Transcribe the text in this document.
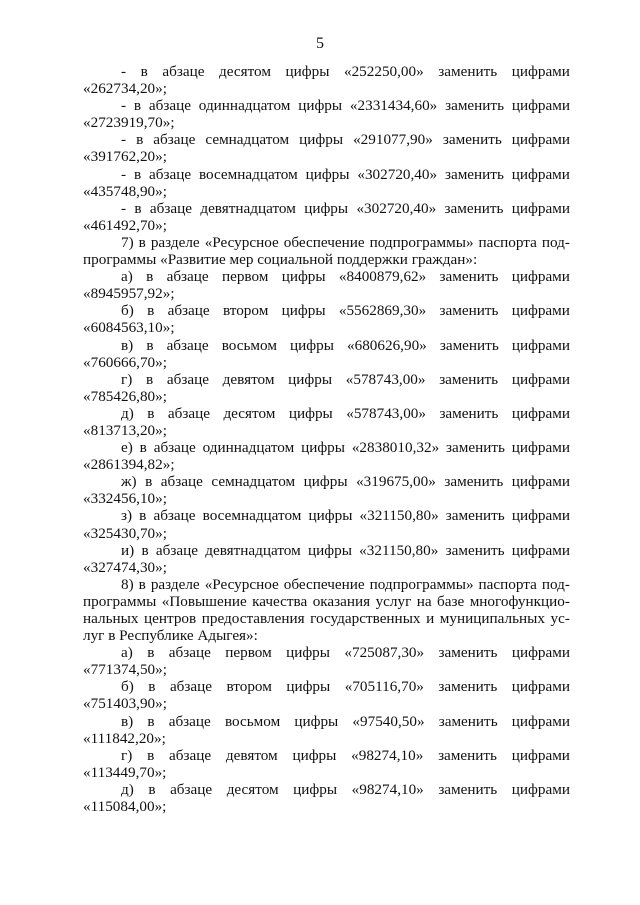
5
- в абзаце десятом цифры «252250,00» заменить цифрами
«262734,20»;
- в абзаце одиннадцатом цифры «2331434,60» заменить цифрами
«2723919,70»;
- в абзаце семнадцатом цифры «291077,90» заменить цифрами
«391762,20»;
- в абзаце восемнадцатом цифры «302720,40» заменить цифрами
«435748,90»;
- в абзаце девятнадцатом цифры «302720,40» заменить цифрами
«461492,70»;
7) в разделе «Ресурсное обеспечение подпрограммы» паспорта под-
программы «Развитие мер социальной поддержки граждан»:
а) в абзаце первом цифры «8400879,62» заменить цифрами
«8945957,92»;
б) в абзаце втором цифры «5562869,30» заменить цифрами
«6084563,10»;
в) в абзаце восьмом цифры «680626,90» заменить цифрами
«760666,70»;
г) в абзаце девятом цифры «578743,00» заменить цифрами
«785426,80»;
д) в абзаце десятом цифры «578743,00» заменить цифрами
«813713,20»;
е) в абзаце одиннадцатом цифры «2838010,32» заменить цифрами
«2861394,82»;
ж) в абзаце семнадцатом цифры «319675,00» заменить цифрами
«332456,10»;
з) в абзаце восемнадцатом цифры «321150,80» заменить цифрами
«325430,70»;
и) в абзаце девятнадцатом цифры «321150,80» заменить цифрами
«327474,30»;
8) в разделе «Ресурсное обеспечение подпрограммы» паспорта под-
программы «Повышение качества оказания услуг на базе многофункцио-
нальных центров предоставления государственных и муниципальных ус-
луг в Республике Адыгея»:
а) в абзаце первом цифры «725087,30» заменить цифрами
«771374,50»;
б) в абзаце втором цифры «705116,70» заменить цифрами
«751403,90»;
в) в абзаце восьмом цифры «97540,50» заменить цифрами
«111842,20»;
г) в абзаце девятом цифры «98274,10» заменить цифрами
«113449,70»;
д) в абзаце десятом цифры «98274,10» заменить цифрами
«115084,00»;
